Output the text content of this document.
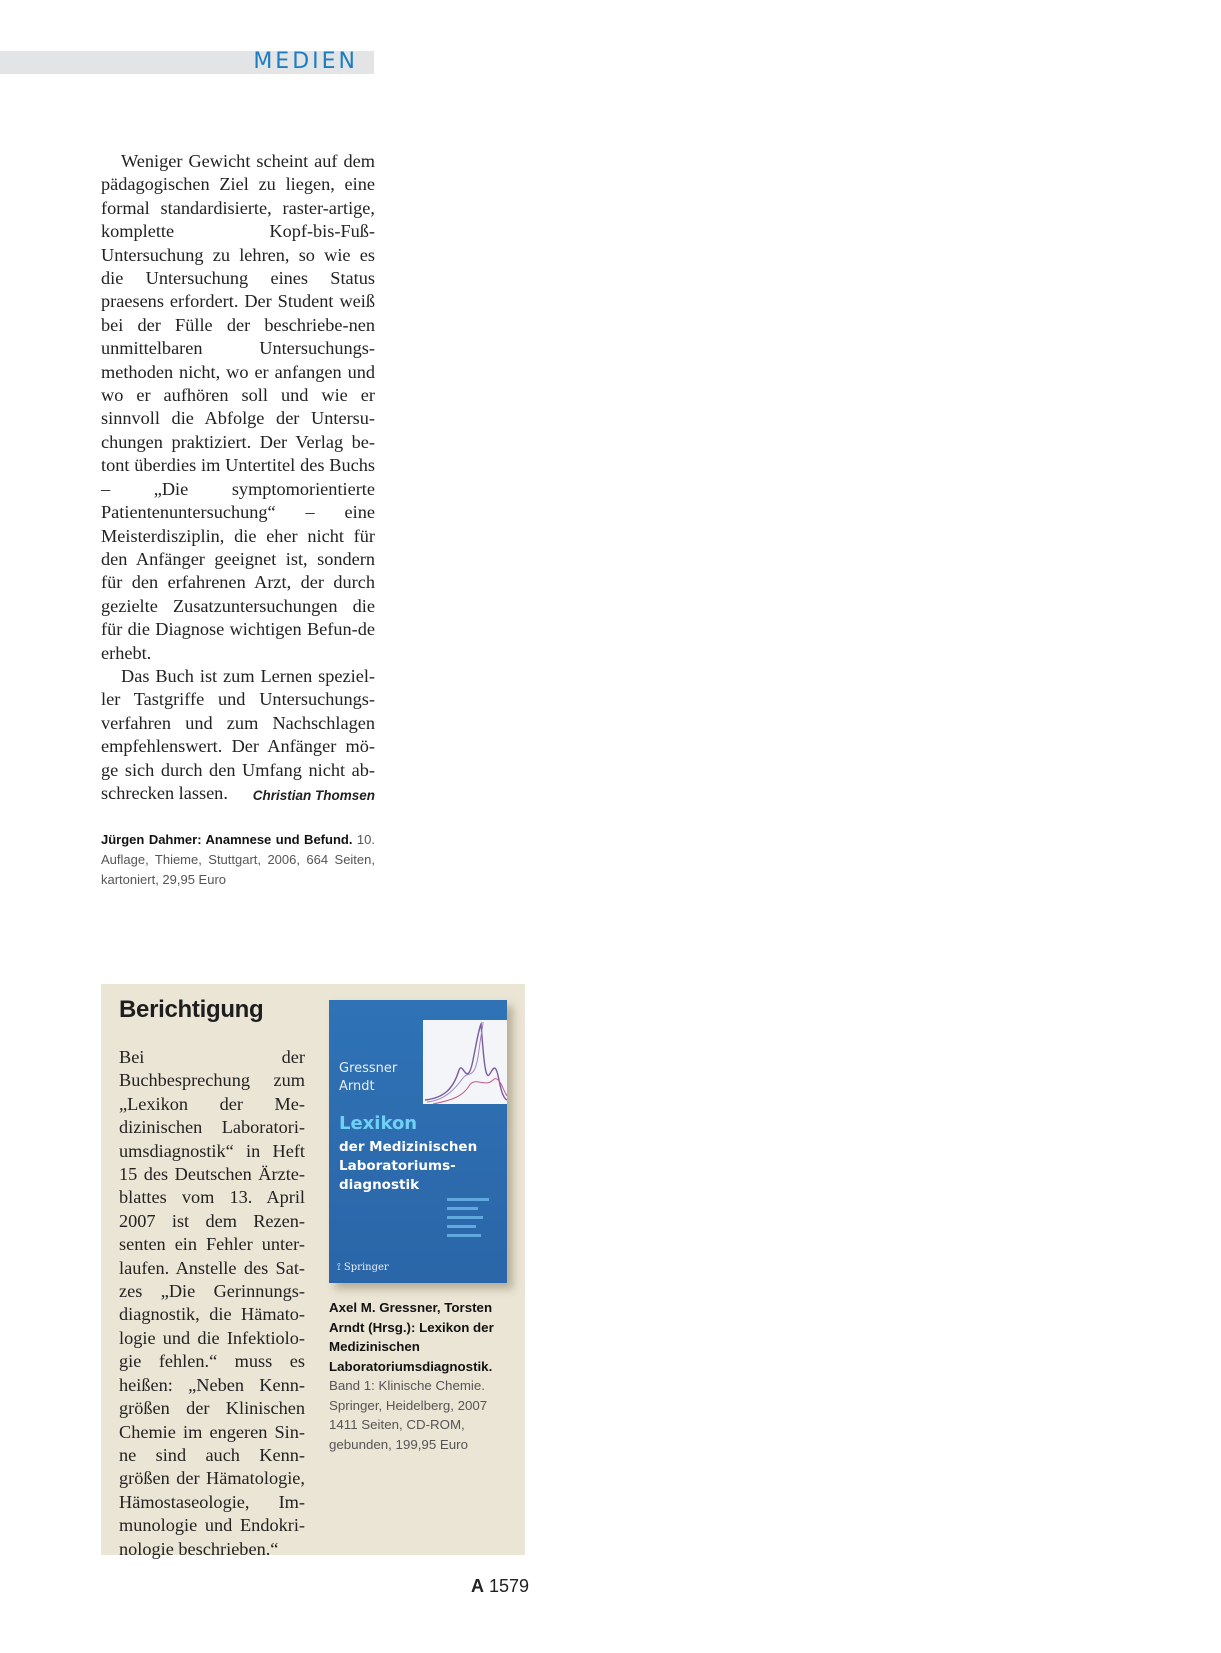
MEDIEN

Weniger Gewicht scheint auf dem pädagogischen Ziel zu liegen, eine formal standardisierte, raster-artige, komplette Kopf-bis-Fuß-Untersuchung zu lehren, so wie es die Untersuchung eines Status praesens erfordert. Der Student weiß bei der Fülle der beschriebe-nen unmittelbaren Untersuchungs-methoden nicht, wo er anfangen und wo er aufhören soll und wie er sinnvoll die Abfolge der Untersu-chungen praktiziert. Der Verlag be-tont überdies im Untertitel des Buchs – „Die symptomorientierte Patientenuntersuchung“ – eine Meisterdisziplin, die eher nicht für den Anfänger geeignet ist, sondern für den erfahrenen Arzt, der durch gezielte Zusatzuntersuchungen die für die Diagnose wichtigen Befun-de erhebt.

Das Buch ist zum Lernen speziel-ler Tastgriffe und Untersuchungs-verfahren und zum Nachschlagen empfehlenswert. Der Anfänger mö-ge sich durch den Umfang nicht ab-schrecken lassen.	Christian Thomsen

Jürgen Dahmer: Anamnese und Befund. 10. Auflage, Thieme, Stuttgart, 2006, 664 Seiten, kartoniert, 29,95 Euro
Berichtigung

Bei der Buchbesprechung zum „Lexikon der Me-dizinischen Laboratori-umsdiagnostik“ in Heft 15 des Deutschen Ärzte-blattes vom 13. April 2007 ist dem Rezen-senten ein Fehler unter-laufen. Anstelle des Sat-zes „Die Gerinnungs-diagnostik, die Hämato-logie und die Infektiolo-gie fehlen.“ muss es heißen: „Neben Kenn-größen der Klinischen Chemie im engeren Sin-ne sind auch Kenn-größen der Hämatologie, Hämostaseologie, Im-munologie und Endokri-nologie beschrieben.“

Gressner
Arndt
Lexikon
der Medizinischen
Laboratoriums-
diagnostik
⟟ Springer
Axel M. Gressner, Torsten Arndt (Hrsg.): Lexikon der Medizinischen Laboratoriumsdiagnostik.
Band 1: Klinische Chemie. Springer, Heidelberg, 2007 1411 Seiten, CD-ROM, gebunden, 199,95 Euro
A 1579
